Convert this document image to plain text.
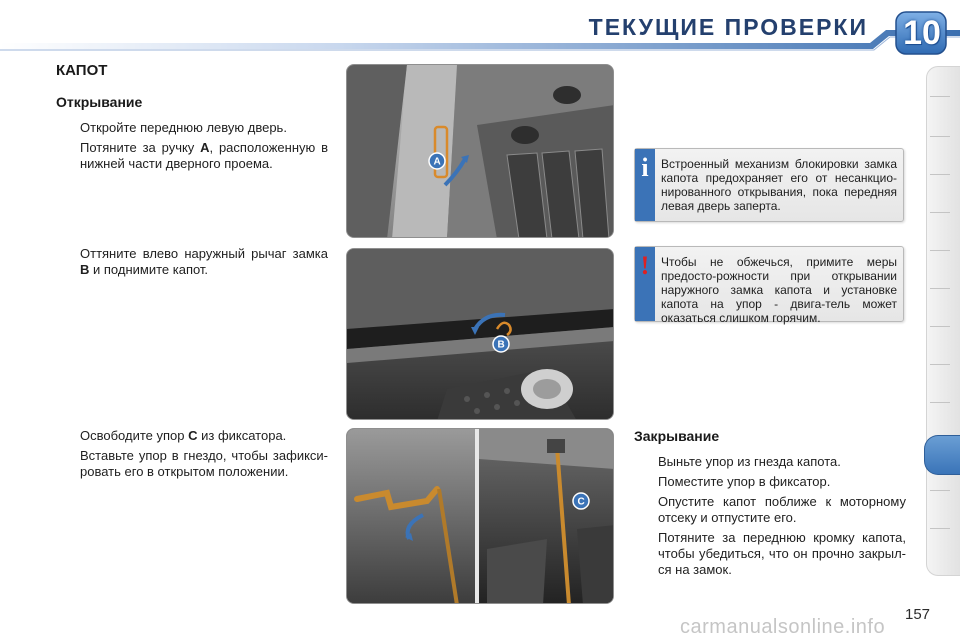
ТЕКУЩИЕ ПРОВЕРКИ 10
КАПОТ
Открывание
Откройте переднюю левую дверь.
Потяните за ручку A, расположенную в нижней части дверного проема.
Оттяните влево наружный рычаг замка B и поднимите капот.
Освободите упор C из фиксатора.
Вставьте упор в гнездо, чтобы зафикси-ровать его в открытом положении.
A
B
C
i	Встроенный механизм блокировки замка капота предохраняет его от несанкцио-нированного открывания, пока передняя левая дверь заперта.
! Чтобы не обжечься, примите меры предосто-рожности при открывании наружного замка капота и установке капота на упор - двига-тель может оказаться слишком горячим.
Закрывание
Выньте упор из гнезда капота.
Поместите упор в фиксатор.
Опустите капот поближе к моторному отсеку и отпустите его.
Потяните за переднюю кромку капота, чтобы убедиться, что он прочно закрыл-ся на замок.
carmanualsonline.info
157
